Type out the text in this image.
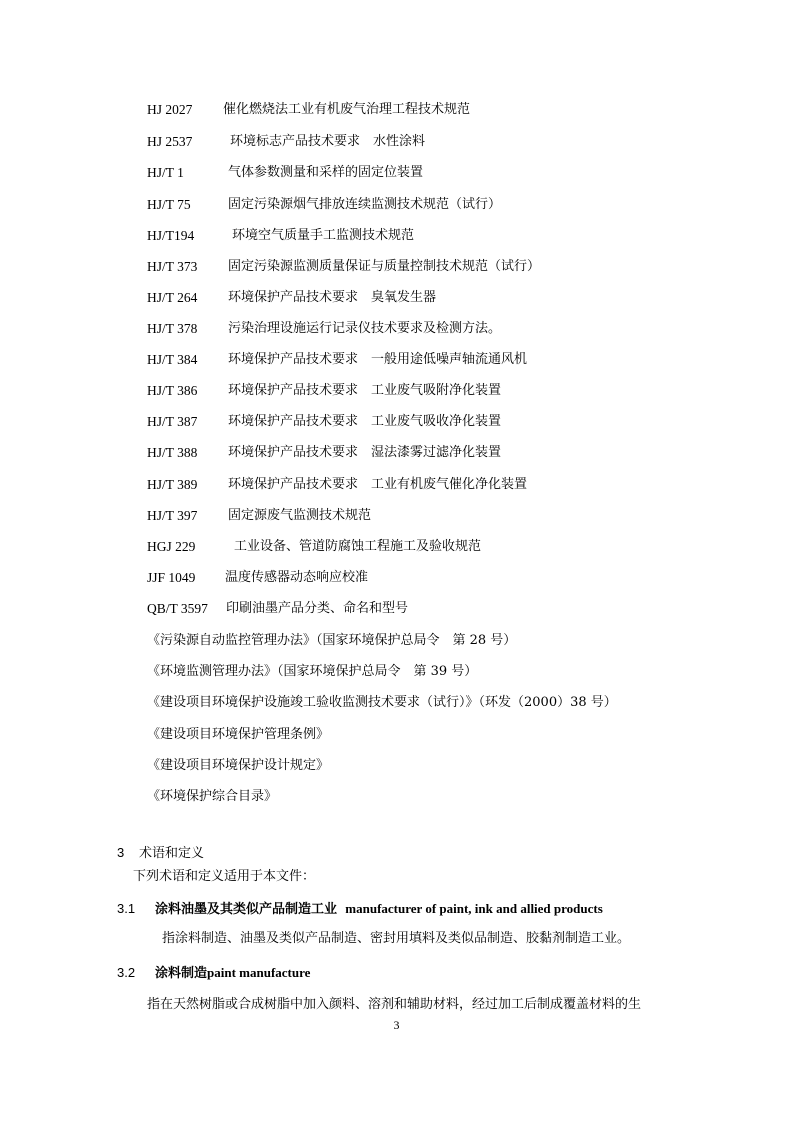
HJ 2027 催化燃烧法工业有机废气治理工程技术规范
HJ 2537	环境标志产品技术要求　水性涂料
HJ/T 1	气体参数测量和采样的固定位装置
HJ/T 75	固定污染源烟气排放连续监测技术规范（试行）
HJ/T194	环境空气质量手工监测技术规范
HJ/T 373 固定污染源监测质量保证与质量控制技术规范（试行）
HJ/T 264 环境保护产品技术要求　臭氧发生器
HJ/T 378 污染治理设施运行记录仪技术要求及检测方法。
HJ/T 384 环境保护产品技术要求　一般用途低噪声轴流通风机
HJ/T 386 环境保护产品技术要求　工业废气吸附净化装置
HJ/T 387 环境保护产品技术要求　工业废气吸收净化装置
HJ/T 388 环境保护产品技术要求　湿法漆雾过滤净化装置
HJ/T 389 环境保护产品技术要求　工业有机废气催化净化装置
HJ/T 397 固定源废气监测技术规范
HGJ 229	工业设备、管道防腐蚀工程施工及验收规范
JJF 1049 温度传感器动态响应校准
QB/T 3597 印刷油墨产品分类、命名和型号
《污染源自动监控管理办法》（国家环境保护总局令　第 28 号）
《环境监测管理办法》（国家环境保护总局令　第 39 号）
《建设项目环境保护设施竣工验收监测技术要求（试行）》（环发（2000）38 号）
《建设项目环境保护管理条例》
《建设项目环境保护设计规定》
《环境保护综合目录》
3 术语和定义
下列术语和定义适用于本文件：
3.1 涂料油墨及其类似产品制造工业 manufacturer of paint, ink and allied products
指涂料制造、油墨及类似产品制造、密封用填料及类似品制造、胶黏剂制造工业。
3.2 涂料制造paint manufacture
指在天然树脂或合成树脂中加入颜料、溶剂和辅助材料，经过加工后制成覆盖材料的生
3
